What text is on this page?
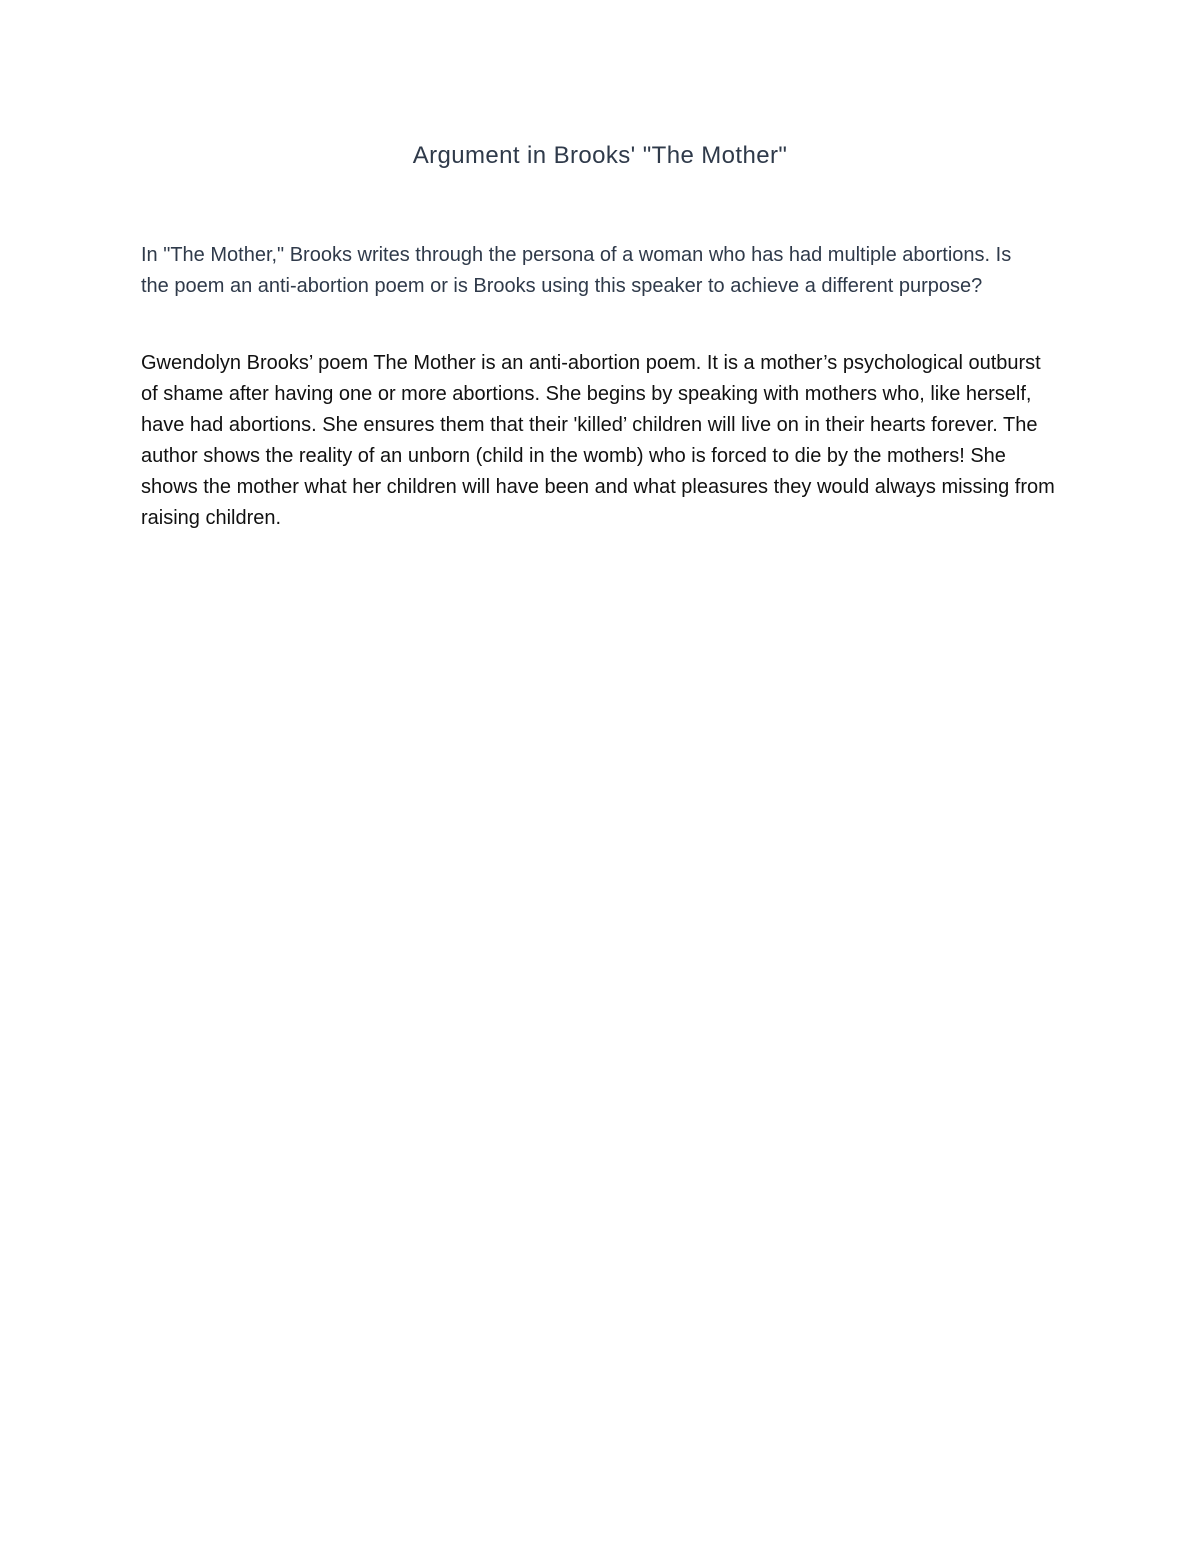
Argument in Brooks' "The Mother"

In "The Mother," Brooks writes through the persona of a woman who has had multiple abortions. Is the poem an anti-abortion poem or is Brooks using this speaker to achieve a different purpose?

Gwendolyn Brooks’ poem The Mother is an anti-abortion poem. It is a mother’s psychological outburst of shame after having one or more abortions. She begins by speaking with mothers who, like herself, have had abortions. She ensures them that their 'killed’ children will live on in their hearts forever. The author shows the reality of an unborn (child in the womb) who is forced to die by the mothers! She shows the mother what her children will have been and what pleasures they would always missing from raising children.
